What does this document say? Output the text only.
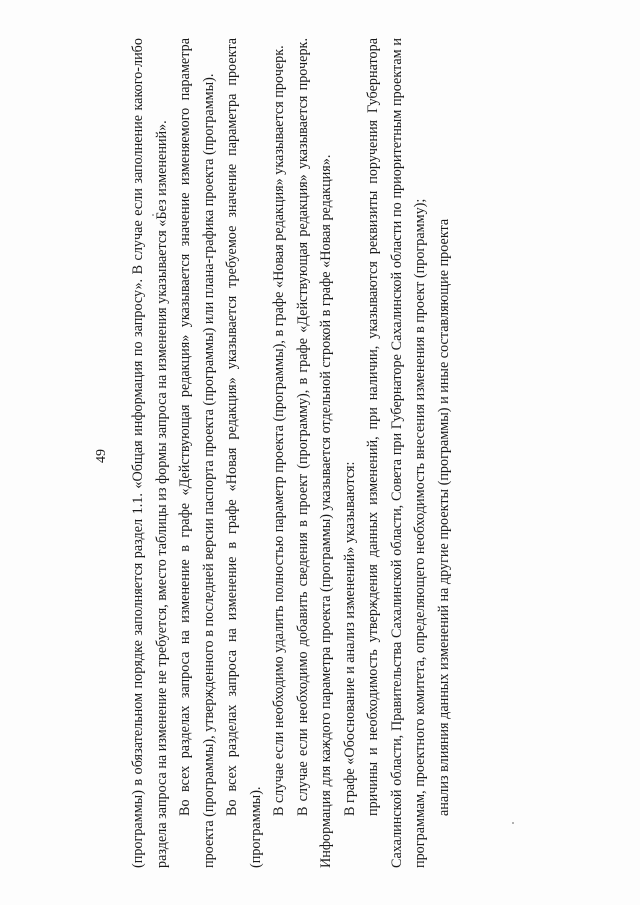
49	(программы) в обязательном порядке заполняется раздел 1.1. «Общая информация по запросу». В случае если заполнение какого-либо раздела запроса на изменение не требуется, вместо таблицы из формы запроса на изменения указывается «Без изменений». Во всех разделах запроса на изменение в графе «Действующая редакция» указывается значение изменяемого параметра проекта (программы), утвержденного в последней версии паспорта проекта (программы) или плана-графика проекта (программы). Во всех разделах запроса на изменение в графе «Новая редакция» указывается требуемое значение параметра проекта (программы).

В случае если необходимо удалить полностью параметр проекта (программы), в графе «Новая редакция» указывается прочерк. В случае если необходимо добавить сведения в проект (программу), в графе «Действующая редакция» указывается прочерк. Информация для каждого параметра проекта (программы) указывается отдельной строкой в графе «Новая редакция». В графе «Обоснование и анализ изменений» указываются: причины и необходимость утверждения данных изменений, при наличии, указываются реквизиты поручения Губернатора Сахалинской области, Правительства Сахалинской области, Совета при Губернаторе Сахалинской области по приоритетным проектам и программам, проектного комитета, определяющего необходимость внесения изменения в проект (программу); анализ влияния данных изменений на другие проекты (программы) и иные составляющие проекта
